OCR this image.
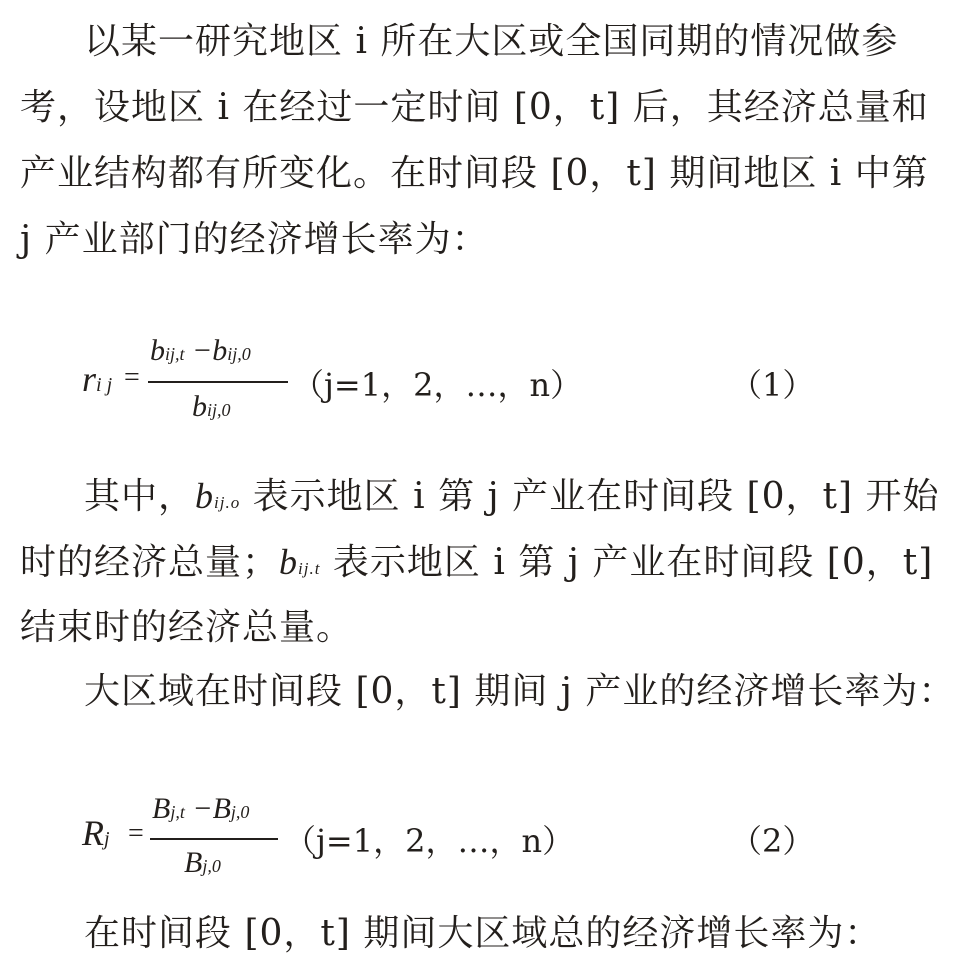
以某一研究地区 i 所在大区或全国同期的情况做参
考，设地区 i 在经过一定时间 [0，t] 后，其经济总量和
产业结构都有所变化。在时间段 [0，t] 期间地区 i 中第
j 产业部门的经济增长率为：
ri j =
bij,t −bij,0
bij,0
（j=1，2，…，n）	（1）
其中，bij.o 表示地区 i 第 j 产业在时间段 [0，t] 开始
时的经济总量；bij.t 表示地区 i 第 j 产业在时间段 [0，t]
结束时的经济总量。
大区域在时间段 [0，t] 期间 j 产业的经济增长率为：
Rj =
Bj,t −Bj,0
Bj,0
（j=1，2，…，n）	（2）
在时间段 [0，t] 期间大区域总的经济增长率为：
